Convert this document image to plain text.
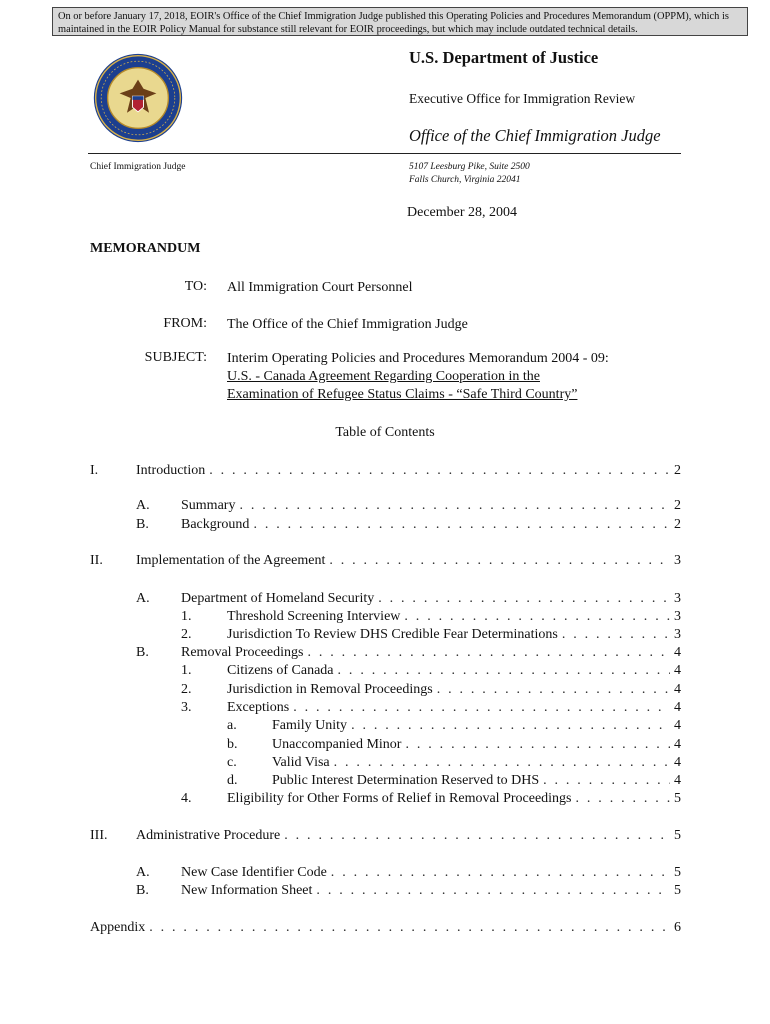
On or before January 17, 2018, EOIR's Office of the Chief Immigration Judge published this Operating Policies and Procedures Memorandum (OPPM), which is maintained in the EOIR Policy Manual for substance still relevant for EOIR proceedings, but which may include outdated technical details.
U.S. Department of Justice
Executive Office for Immigration Review
Office of the Chief Immigration Judge
Chief Immigration Judge	5107 Leesburg Pike, Suite 2500
Falls Church, Virginia 22041
December 28, 2004
MEMORANDUM
TO: All Immigration Court Personnel
FROM: The Office of the Chief Immigration Judge
SUBJECT: Interim Operating Policies and Procedures Memorandum 2004 - 09:
U.S. - Canada Agreement Regarding Cooperation in the
Examination of Refugee Status Claims - “Safe Third Country”
Table of Contents
I.	Introduction . . .	2
A. Summary . . .	2
B. Background . . .	2
II. Implementation of the Agreement . . .	3
A. Department of Homeland Security . . .	3
1.	Threshold Screening Interview . . .	3
2.	Jurisdiction To Review DHS Credible Fear Determinations . . .	3
B. Removal Proceedings . . .	4
1.	Citizens of Canada . . .	4
2.	Jurisdiction in Removal Proceedings . . .	4
3.	Exceptions . . .	4
a.	Family Unity . . .	4
b. Unaccompanied Minor . . .	4
c.	Valid Visa . . .	4
d. Public Interest Determination Reserved to DHS . . .	4
4.	Eligibility for Other Forms of Relief in Removal Proceedings . . .	5
III. Administrative Procedure . . .	5
A. New Case Identifier Code . . .	5
B. New Information Sheet . . .	5
Appendix . . .	6
